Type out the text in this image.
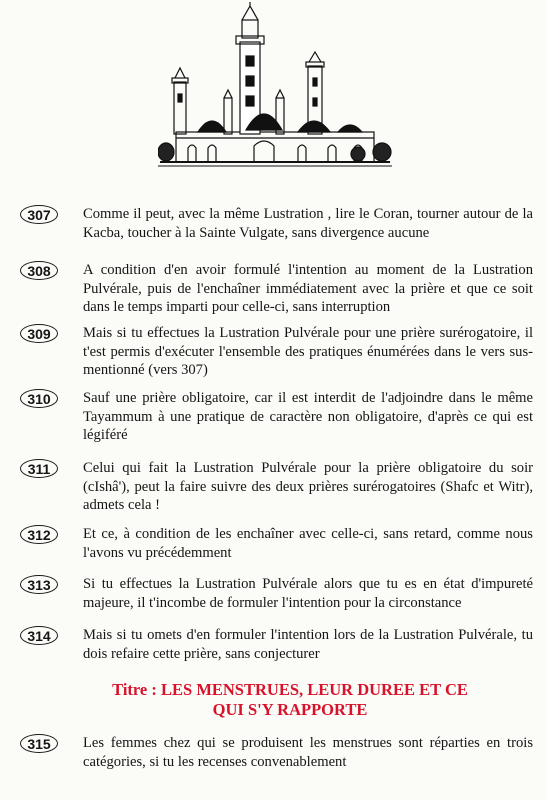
307	Comme il peut, avec la même Lustration , lire le Coran, tourner autour de la Kacba, toucher à la Sainte Vulgate, sans divergence aucune
308	A condition d'en avoir formulé l'intention au moment de la Lustration Pulvérale, puis de l'enchaîner immédiatement avec la prière et que ce soit dans le temps imparti pour celle-ci, sans interruption
309	Mais si tu effectues la Lustration Pulvérale pour une prière surérogatoire, il t'est permis d'exécuter l'ensemble des pratiques énumérées dans le vers sus-mentionné (vers 307)
310	Sauf une prière obligatoire, car il est interdit de l'adjoindre dans le même Tayammum à une pratique de caractère non obligatoire, d'après ce qui est légiféré
311	Celui qui fait la Lustration Pulvérale pour la prière obligatoire du soir (cIshâ'), peut la faire suivre des deux prières surérogatoires (Shafc et Witr), admets cela !
312	Et ce, à condition de les enchaîner avec celle-ci, sans retard, comme nous l'avons vu précédemment
313	Si tu effectues la Lustration Pulvérale alors que tu es en état d'impureté majeure, il t'incombe de formuler l'intention pour la circonstance
314	Mais si tu omets d'en formuler l'intention lors de la Lustration Pulvérale, tu dois refaire cette prière, sans conjecturer
Titre : LES MENSTRUES, LEUR DUREE ET CE
QUI S'Y RAPPORTE
315	Les femmes chez qui se produisent les menstrues sont réparties en trois catégories, si tu les recenses convenablement
